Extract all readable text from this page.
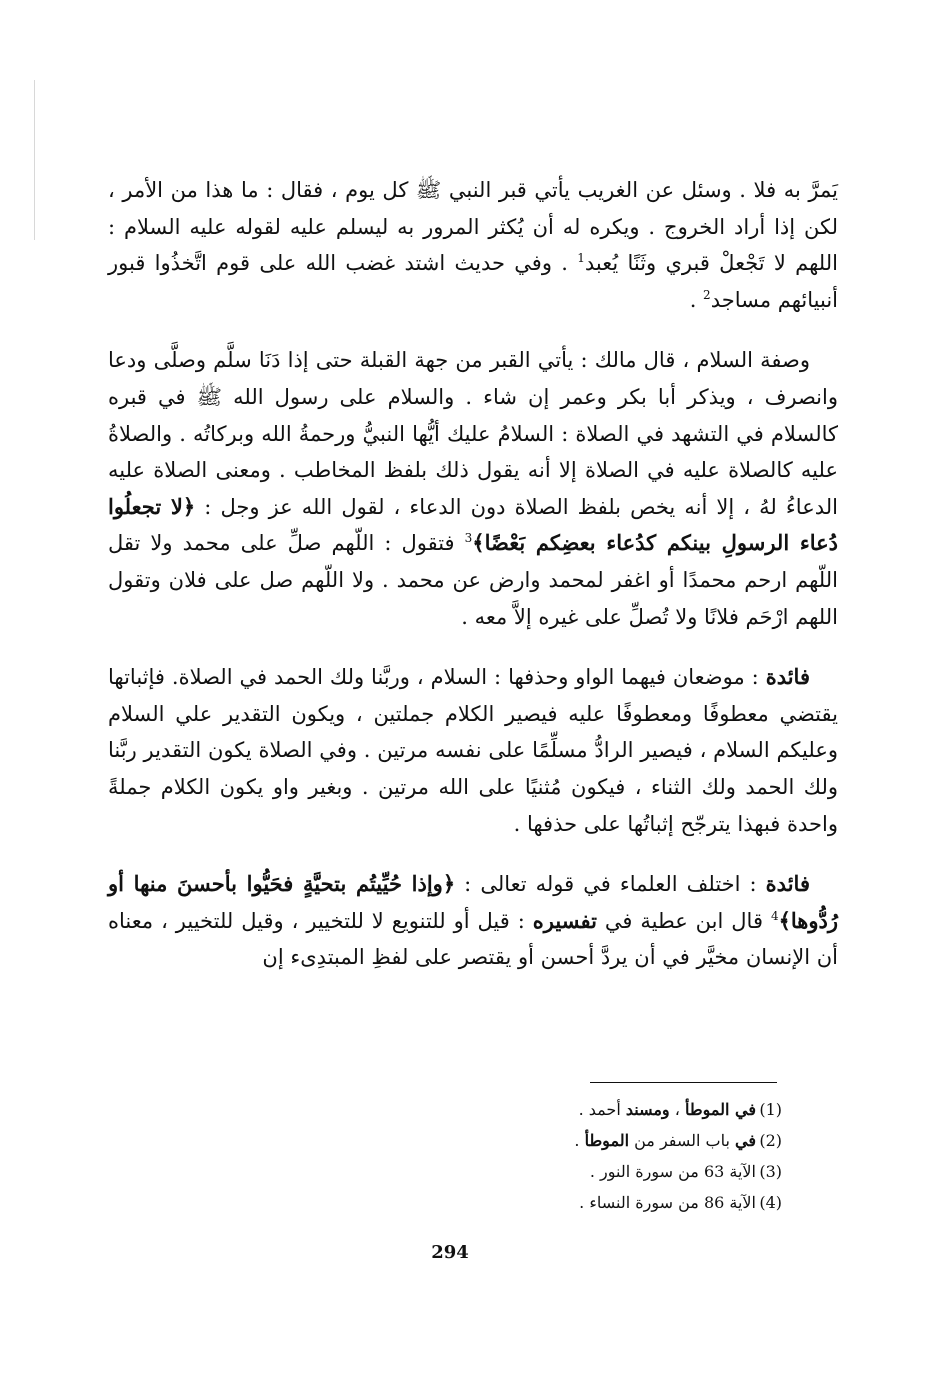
يَمرَّ به فلا . وسئل عن الغريب يأتي قبر النبي ﷺ كل يوم ، فقال : ما هذا من الأمر ، لكن إذا أراد الخروج . ويكره له أن يُكثر المرور به ليسلم عليه لقوله عليه السلام : اللهم لا تَجْعلْ قبري وثَنًا يُعبد$^1$ . وفي حديث اشتد غضب الله على قوم اتَّخذُوا قبور أنبيائهم مساجد$^2$ .

وصفة السلام ، قال مالك : يأتي القبر من جهة القبلة حتى إذا دَنَا سلَّم وصلَّى ودعا وانصرف ، ويذكر أبا بكر وعمر إن شاء . والسلام على رسول الله ﷺ في قبره كالسلام في التشهد في الصلاة : السلامُ عليك أيُّها النبيُّ ورحمةُ الله وبركاتُه . والصلاةُ عليه كالصلاة عليه في الصلاة إلا أنه يقول ذلك بلفظ المخاطب . ومعنى الصلاة عليه الدعاءُ لهُ ، إلا أنه يخص بلفظ الصلاة دون الدعاء ، لقول الله عز وجل : ﴿لا تجعلُوا دُعاء الرسولِ بينكم كدُعاء بعضِكم بَعْضًا﴾$^3$ فتقول : اللّهم صلِّ على محمد ولا تقل اللّهم ارحم محمدًا أو اغفر لمحمد وارض عن محمد . ولا اللّهم صل على فلان وتقول اللهم ارْحَم فلانًا ولا تُصلِّ على غيره إلاَّ معه .

فائدة : موضعان فيهما الواو وحذفها : السلام ، وربَّنا ولك الحمد في الصلاة. فإثباتها يقتضي معطوفًا ومعطوفًا عليه فيصير الكلام جملتين ، ويكون التقدير علي السلام وعليكم السلام ، فيصير الرادُّ مسلِّمًا على نفسه مرتين . وفي الصلاة يكون التقدير ربَّنا ولك الحمد ولك الثناء ، فيكون مُثنيًا على الله مرتين . وبغير واو يكون الكلام جملةً واحدة فبهذا يترجّح إثباتُها على حذفها .

فائدة : اختلف العلماء في قوله تعالى : ﴿وإذا حُيِّيتُم بتحيَّةٍ فحَيُّوا بأحسنَ منها أو رُدُّوها﴾$^4$ قال ابن عطية في تفسيره : قيل أو للتنويع لا للتخيير ، وقيل للتخيير ، معناه أن الإنسان مخيَّر في أن يردَّ أحسن أو يقتصر على لفظِ المبتدِىء إن

(1)في الموطأ ، ومسند أحمد .
(2)في باب السفر من الموطأ .
(3)الآية 63 من سورة النور .
(4)الآية 86 من سورة النساء .
294
